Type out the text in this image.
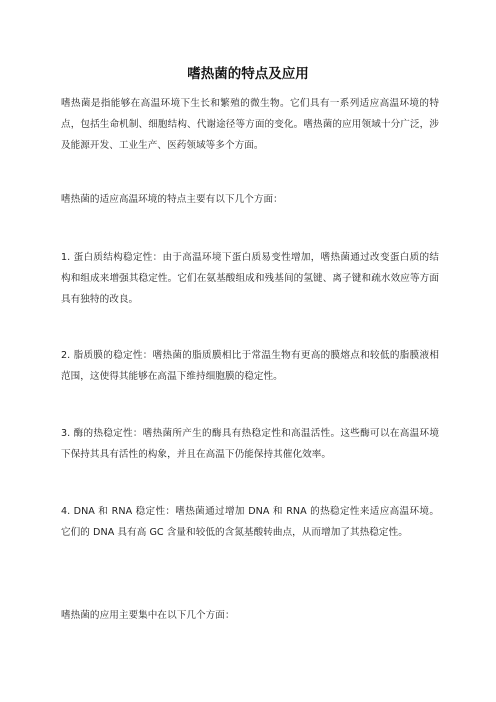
嗜热菌的特点及应用

嗜热菌是指能够在高温环境下生长和繁殖的微生物。它们具有一系列适应高温环境的特点，包括生命机制、细胞结构、代谢途径等方面的变化。嗜热菌的应用领域十分广泛，涉及能源开发、工业生产、医药领域等多个方面。

嗜热菌的适应高温环境的特点主要有以下几个方面：

1. 蛋白质结构稳定性：由于高温环境下蛋白质易变性增加，嗜热菌通过改变蛋白质的结构和组成来增强其稳定性。它们在氨基酸组成和残基间的氢键、离子键和疏水效应等方面具有独特的改良。

2. 脂质膜的稳定性：嗜热菌的脂质膜相比于常温生物有更高的膜熔点和较低的脂膜液相范围，这使得其能够在高温下维持细胞膜的稳定性。

3. 酶的热稳定性：嗜热菌所产生的酶具有热稳定性和高温活性。这些酶可以在高温环境下保持其具有活性的构象，并且在高温下仍能保持其催化效率。

4. DNA 和 RNA 稳定性：嗜热菌通过增加 DNA 和 RNA 的热稳定性来适应高温环境。它们的 DNA 具有高 GC 含量和较低的含氮基酸转曲点，从而增加了其热稳定性。

嗜热菌的应用主要集中在以下几个方面：
